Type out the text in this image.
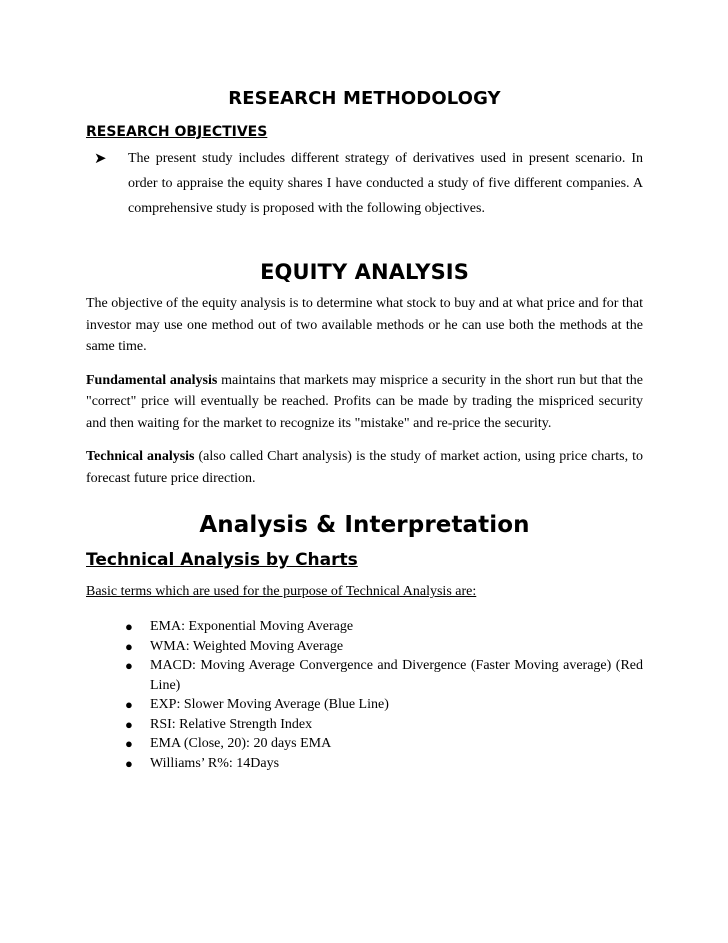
RESEARCH METHODOLOGY
RESEARCH OBJECTIVES
➤ The present study includes different strategy of derivatives used in present scenario. In order to appraise the equity shares I have conducted a study of five different companies. A comprehensive study is proposed with the following objectives.
EQUITY ANALYSIS

The objective of the equity analysis is to determine what stock to buy and at what price and for that investor may use one method out of two available methods or he can use both the methods at the same time.

Fundamental analysis maintains that markets may misprice a security in the short run but that the "correct" price will eventually be reached. Profits can be made by trading the mispriced security and then waiting for the market to recognize its "mistake" and re-price the security.

Technical analysis (also called Chart analysis) is the study of market action, using price charts, to forecast future price direction.

Analysis & Interpretation
Technical Analysis by Charts
Basic terms which are used for the purpose of Technical Analysis are:
● EMA: Exponential Moving Average
● WMA: Weighted Moving Average
● MACD: Moving Average Convergence and Divergence (Faster Moving average) (Red Line)
● EXP: Slower Moving Average (Blue Line)
● RSI: Relative Strength Index
● EMA (Close, 20): 20 days EMA
● Williams’ R%: 14Days
